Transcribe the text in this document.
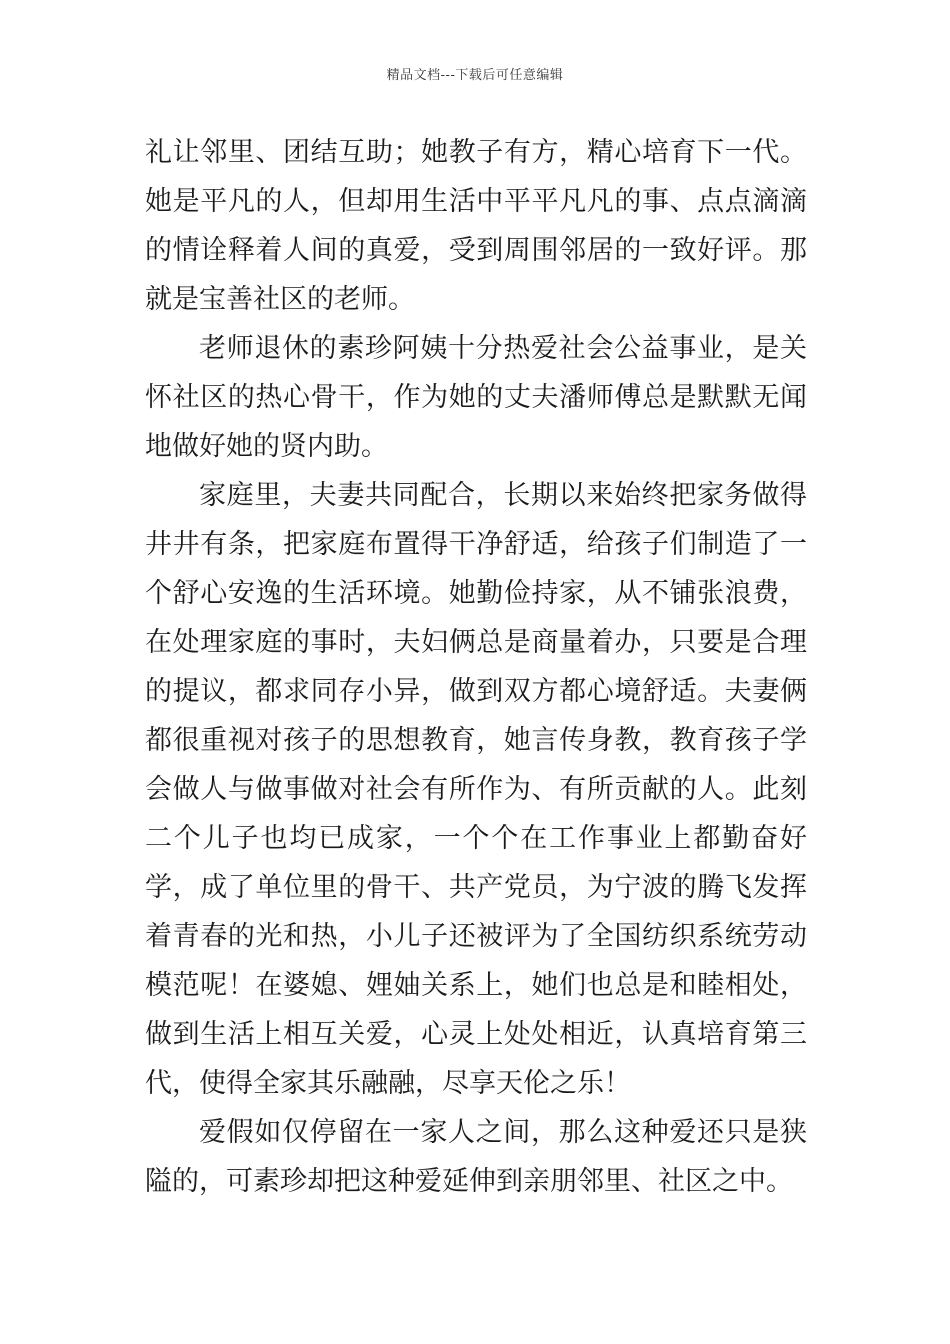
精品文档---下载后可任意编辑

礼让邻里、团结互助；她教子有方，精心培育下一代。她是平凡的人，但却用生活中平平凡凡的事、点点滴滴的情诠释着人间的真爱，受到周围邻居的一致好评。那就是宝善社区的老师。

老师退休的素珍阿姨十分热爱社会公益事业，是关怀社区的热心骨干，作为她的丈夫潘师傅总是默默无闻地做好她的贤内助。

家庭里，夫妻共同配合，长期以来始终把家务做得井井有条，把家庭布置得干净舒适，给孩子们制造了一个舒心安逸的生活环境。她勤俭持家，从不铺张浪费，在处理家庭的事时，夫妇俩总是商量着办，只要是合理的提议，都求同存小异，做到双方都心境舒适。夫妻俩都很重视对孩子的思想教育，她言传身教，教育孩子学会做人与做事做对社会有所作为、有所贡献的人。此刻二个儿子也均已成家，一个个在工作事业上都勤奋好学，成了单位里的骨干、共产党员，为宁波的腾飞发挥着青春的光和热，小儿子还被评为了全国纺织系统劳动模范呢！在婆媳、娌妯关系上，她们也总是和睦相处，做到生活上相互关爱，心灵上处处相近，认真培育第三代，使得全家其乐融融，尽享天伦之乐！

爱假如仅停留在一家人之间，那么这种爱还只是狭隘的，可素珍却把这种爱延伸到亲朋邻里、社区之中。
